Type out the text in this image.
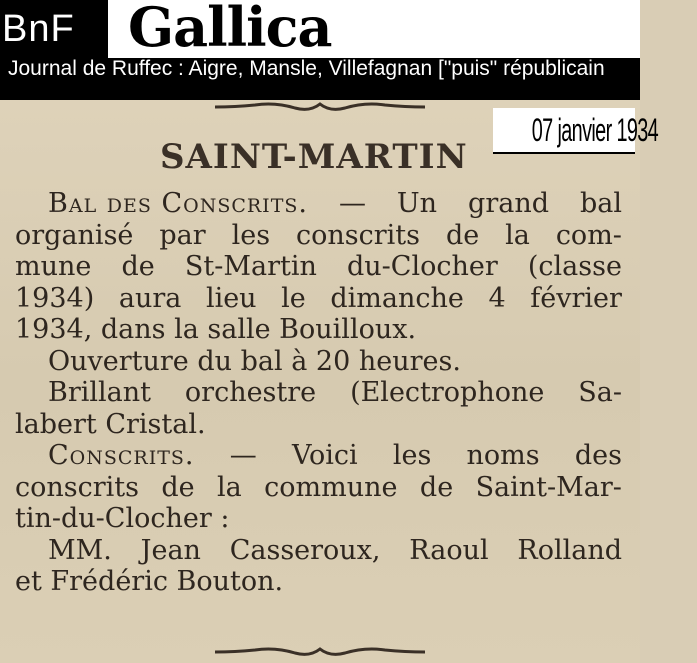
BnF Gallica
Journal de Ruffec : Aigre, Mansle, Villefagnan ["puis" républicain
07 janvier 1934
SAINT-MARTIN
Bal des Conscrits. — Un grand bal
organisé par les conscrits de la com-
mune de St-Martin du-Clocher (classe
1934) aura lieu le dimanche 4 février
1934, dans la salle Bouilloux.
Ouverture du bal à 20 heures.
Brillant orchestre (Electrophone Sa-
labert Cristal.
Conscrits. — Voici les noms des
conscrits de la commune de Saint-Mar-
tin-du-Clocher :
MM. Jean Casseroux, Raoul Rolland
et Frédéric Bouton.
